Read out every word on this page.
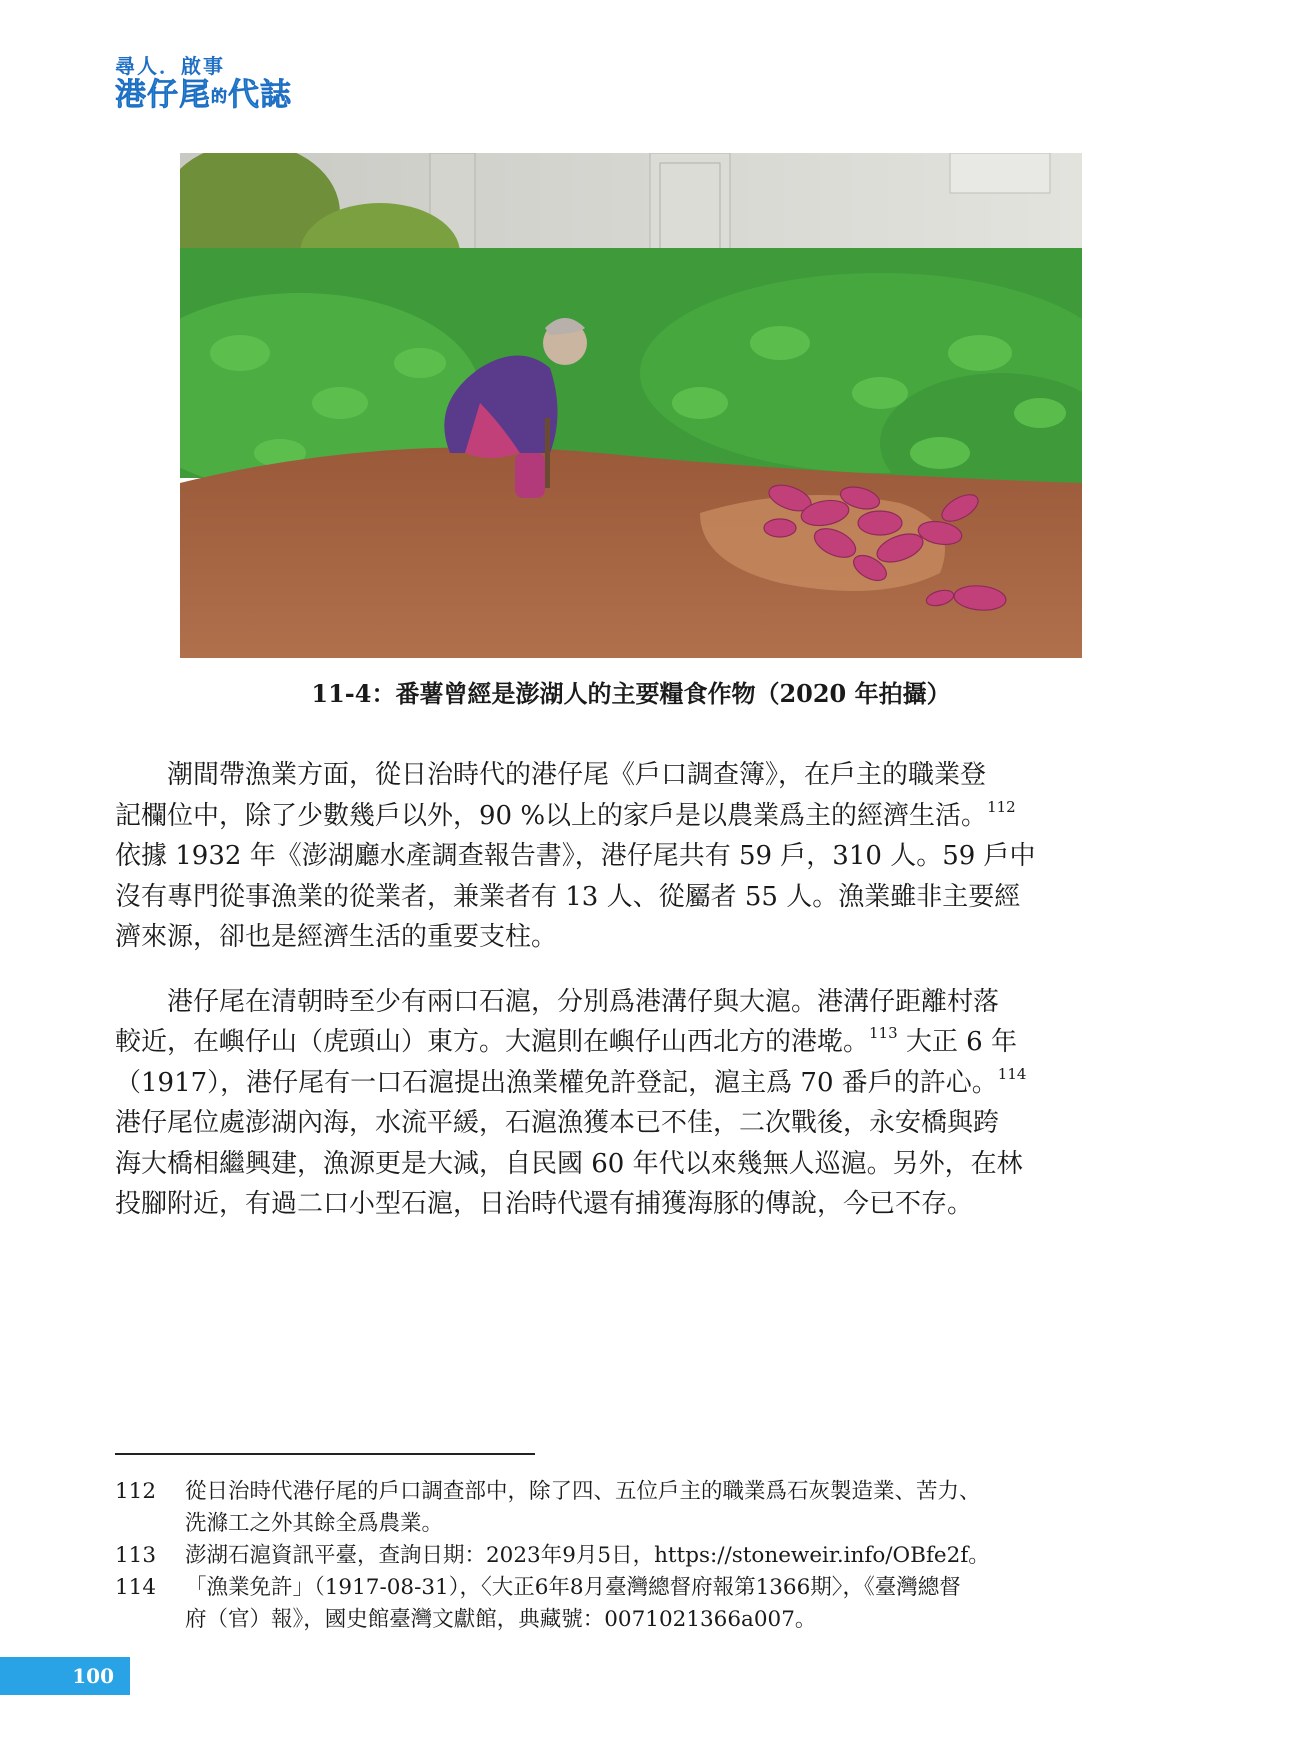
尋人．啟事
港仔尾的代誌
11-4：番薯曾經是澎湖人的主要糧食作物（2020 年拍攝）

潮間帶漁業方面，從日治時代的港仔尾《戶口調查簿》，在戶主的職業登
記欄位中，除了少數幾戶以外，90 %以上的家戶是以農業爲主的經濟生活。$^{112}$
依據 1932 年《澎湖廳水產調查報告書》，港仔尾共有 59 戶，310 人。59 戶中
沒有專門從事漁業的從業者，兼業者有 13 人、從屬者 55 人。漁業雖非主要經
濟來源，卻也是經濟生活的重要支柱。

港仔尾在清朝時至少有兩口石滬，分別爲港溝仔與大滬。港溝仔距離村落
較近，在嶼仔山（虎頭山）東方。大滬則在嶼仔山西北方的港墘。$^{113}$ 大正 6 年
（1917），港仔尾有一口石滬提出漁業權免許登記，滬主爲 70 番戶的許心。$^{114}$
港仔尾位處澎湖內海，水流平緩，石滬漁獲本已不佳，二次戰後，永安橋與跨
海大橋相繼興建，漁源更是大減，自民國 60 年代以來幾無人巡滬。另外，在林
投腳附近，有過二口小型石滬，日治時代還有捕獲海豚的傳說，今已不存。

112	從日治時代港仔尾的戶口調查部中，除了四、五位戶主的職業爲石灰製造業、苦力、
洗滌工之外其餘全爲農業。
113	澎湖石滬資訊平臺，查詢日期：2023年9月5日，https://stoneweir.info/OBfe2f。
114	「漁業免許」（1917-08-31），〈大正6年8月臺灣總督府報第1366期〉，《臺灣總督
府（官）報》，國史館臺灣文獻館，典藏號：0071021366a007。
100
